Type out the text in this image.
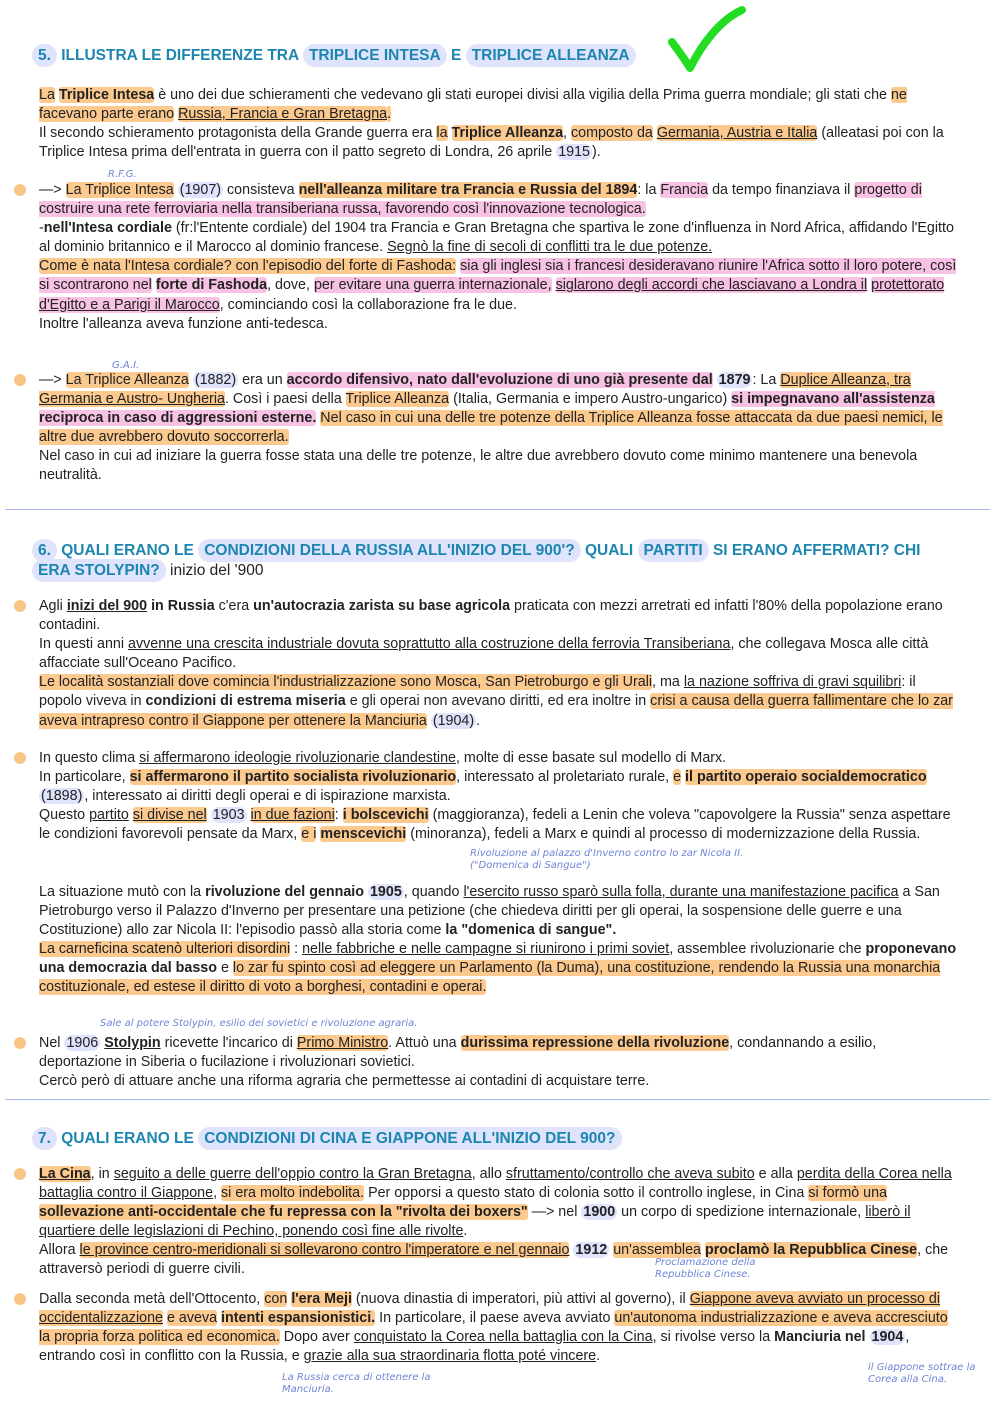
5. ILLUSTRA LE DIFFERENZE TRA TRIPLICE INTESA E TRIPLICE ALLEANZA

La Triplice Intesa è uno dei due schieramenti che vedevano gli stati europei divisi alla vigilia della Prima guerra mondiale; gli stati che ne facevano parte erano Russia, Francia e Gran Bretagna.

Il secondo schieramento protagonista della Grande guerra era la Triplice Alleanza, composto da Germania, Austria e Italia (alleatasi poi con la Triplice Intesa prima dell'entrata in guerra con il patto segreto di Londra, 26 aprile 1915 ).

R.F.G.

—> La Triplice Intesa (1907) consisteva nell'alleanza militare tra Francia e Russia del 1894: la Francia da tempo finanziava il progetto di costruire una rete ferroviaria nella transiberiana russa, favorendo così l'innovazione tecnologica.

-nell'Intesa cordiale (fr:l'Entente cordiale) del 1904 tra Francia e Gran Bretagna che spartiva le zone d'influenza in Nord Africa, affidando l'Egitto al dominio britannico e il Marocco al dominio francese. Segnò la fine di secoli di conflitti tra le due potenze.

Come è nata l'Intesa cordiale? con l'episodio del forte di Fashoda: sia gli inglesi sia i francesi desideravano riunire l'Africa sotto il loro potere, così si scontrarono nel forte di Fashoda, dove, per evitare una guerra internazionale, siglarono degli accordi che lasciavano a Londra il protettorato d'Egitto e a Parigi il Marocco, cominciando così la collaborazione fra le due.

Inoltre l'alleanza aveva funzione anti-tedesca.

G.A.I.

—> La Triplice Alleanza (1882) era un accordo difensivo, nato dall'evoluzione di uno già presente dal 1879 : La Duplice Alleanza, tra Germania e Austro- Ungheria. Così i paesi della Triplice Alleanza (Italia, Germania e impero Austro-ungarico) si impegnavano all'assistenza reciproca in caso di aggressioni esterne. Nel caso in cui una delle tre potenze della Triplice Alleanza fosse attaccata da due paesi nemici, le altre due avrebbero dovuto soccorrerla.

Nel caso in cui ad iniziare la guerra fosse stata una delle tre potenze, le altre due avrebbero dovuto come minimo mantenere una benevola neutralità.

6. QUALI ERANO LE CONDIZIONI DELLA RUSSIA ALL'INIZIO DEL 900'? QUALI PARTITI SI ERANO AFFERMATI? CHI
ERA STOLYPIN? inizio del '900

Agli inizi del 900 in Russia c'era un'autocrazia zarista su base agricola praticata con mezzi arretrati ed infatti l'80% della popolazione erano contadini.

In questi anni avvenne una crescita industriale dovuta soprattutto alla costruzione della ferrovia Transiberiana, che collegava Mosca alle città affacciate sull'Oceano Pacifico.

Le località sostanziali dove comincia l'industrializzazione sono Mosca, San Pietroburgo e gli Urali, ma la nazione soffriva di gravi squilibri: il popolo viveva in condizioni di estrema miseria e gli operai non avevano diritti, ed era inoltre in crisi a causa della guerra fallimentare che lo zar aveva intrapreso contro il Giappone per ottenere la Manciuria (1904) .

In questo clima si affermarono ideologie rivoluzionarie clandestine, molte di esse basate sul modello di Marx.

In particolare, si affermarono il partito socialista rivoluzionario, interessato al proletariato rurale, e il partito operaio socialdemocratico (1898) , interessato ai diritti degli operai e di ispirazione marxista.

Questo partito si divise nel 1903 in due fazioni: i bolscevichi (maggioranza), fedeli a Lenin che voleva "capovolgere la Russia" senza aspettare le condizioni favorevoli pensate da Marx, e i menscevichi (minoranza), fedeli a Marx e quindi al processo di modernizzazione della Russia.

Rivoluzione al palazzo d'Inverno contro lo zar Nicola II. ("Domenica di Sangue")

La situazione mutò con la rivoluzione del gennaio 1905 , quando l'esercito russo sparò sulla folla, durante una manifestazione pacifica a San Pietroburgo verso il Palazzo d'Inverno per presentare una petizione (che chiedeva diritti per gli operai, la sospensione delle guerre e una Costituzione) allo zar Nicola II: l'episodio passò alla storia come la "domenica di sangue".

La carneficina scatenò ulteriori disordini : nelle fabbriche e nelle campagne si riunirono i primi soviet, assemblee rivoluzionarie che proponevano una democrazia dal basso e lo zar fu spinto così ad eleggere un Parlamento (la Duma), una costituzione, rendendo la Russia una monarchia costituzionale, ed estese il diritto di voto a borghesi, contadini e operai.

Sale al potere Stolypin, esilio dei sovietici e rivoluzione agraria.

Nel 1906 Stolypin ricevette l'incarico di Primo Ministro. Attuò una durissima repressione della rivoluzione, condannando a esilio, deportazione in Siberia o fucilazione i rivoluzionari sovietici.

Cercò però di attuare anche una riforma agraria che permettesse ai contadini di acquistare terre.

7. QUALI ERANO LE CONDIZIONI DI CINA E GIAPPONE ALL'INIZIO DEL 900?

La Cina, in seguito a delle guerre dell'oppio contro la Gran Bretagna, allo sfruttamento/controllo che aveva subito e alla perdita della Corea nella battaglia contro il Giappone, si era molto indebolita. Per opporsi a questo stato di colonia sotto il controllo inglese, in Cina si formò una sollevazione anti-occidentale che fu repressa con la "rivolta dei boxers" —> nel 1900 un corpo di spedizione internazionale, liberò il quartiere delle legislazioni di Pechino, ponendo così fine alle rivolte.

Allora le province centro-meridionali si sollevarono contro l'imperatore e nel gennaio 1912 un'assemblea proclamò la Repubblica Cinese, che attraversò periodi di guerre civili.	Proclamazione della Repubblica Cinese.

Dalla seconda metà dell'Ottocento, con l'era Meji (nuova dinastia di imperatori, più attivi al governo), il Giappone aveva avviato un processo di occidentalizzazione e aveva intenti espansionistici. In particolare, il paese aveva avviato un'autonoma industrializzazione e aveva accresciuto la propria forza politica ed economica. Dopo aver conquistato la Corea nella battaglia con la Cina, si rivolse verso la Manciuria nel 1904 , entrando così in conflitto con la Russia, e grazie alla sua straordinaria flotta poté vincere.

La Russia cerca di ottenere la Manciuria.
il Giappone sottrae la Corea alla Cina.
